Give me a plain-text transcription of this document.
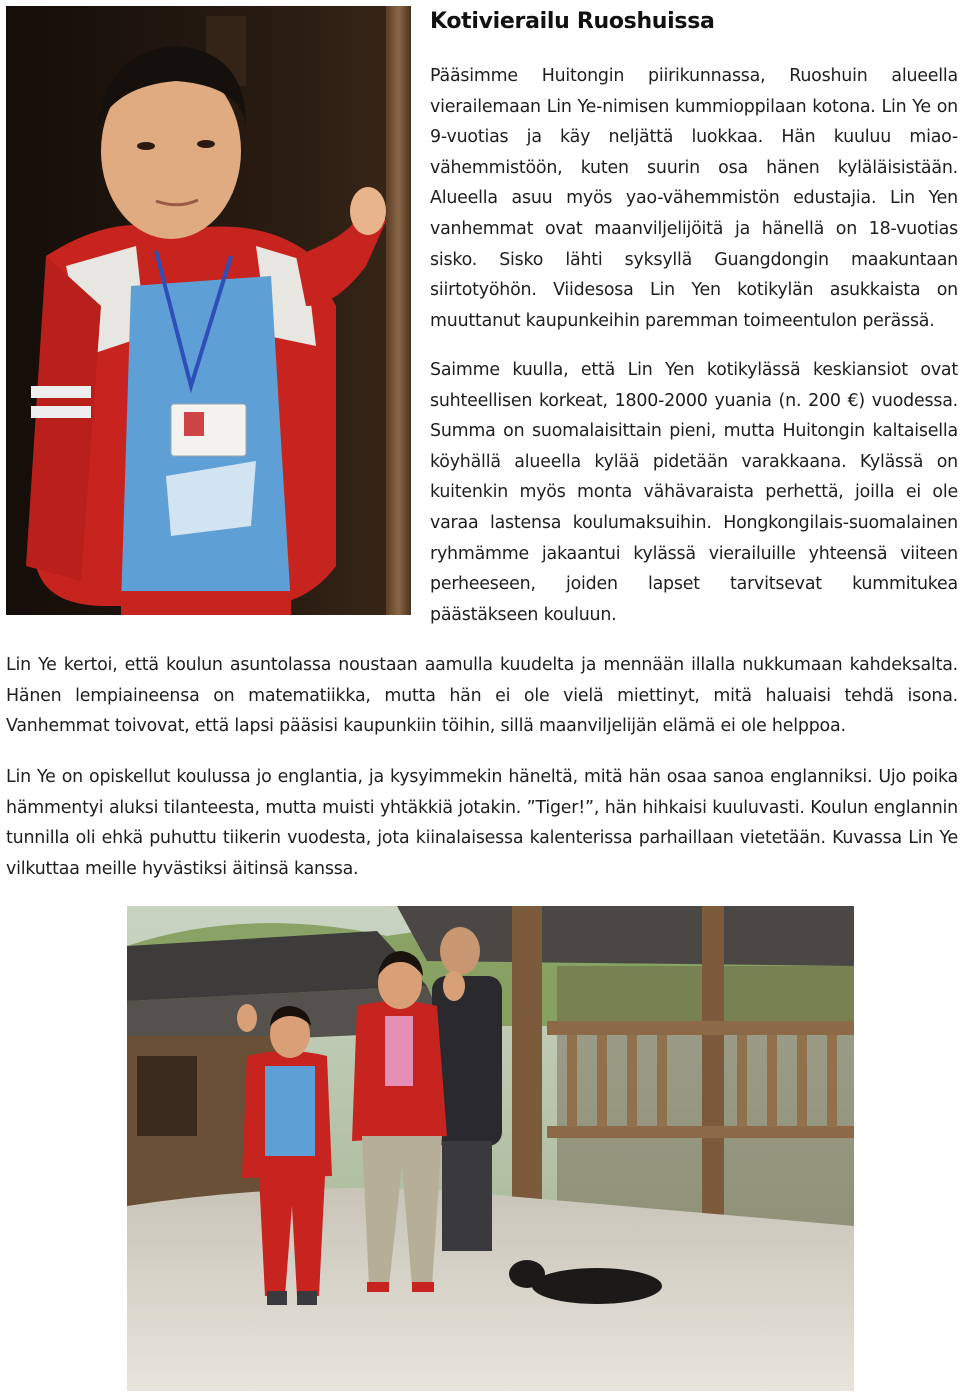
Kotivierailu Ruoshuissa

Pääsimme Huitongin piirikunnassa, Ruoshuin alueella vierailemaan Lin Ye-nimisen kummioppilaan kotona. Lin Ye on 9-vuotias ja käy neljättä luokkaa. Hän kuuluu miao-vähemmistöön, kuten suurin osa hänen kyläläisistään. Alueella asuu myös yao-vähemmistön edustajia. Lin Yen vanhemmat ovat maanviljelijöitä ja hänellä on 18-vuotias sisko. Sisko lähti syksyllä Guangdongin maakuntaan siirtotyöhön. Viidesosa Lin Yen kotikylän asukkaista on muuttanut kaupunkeihin paremman toimeentulon perässä.

Saimme kuulla, että Lin Yen kotikylässä keskiansiot ovat suhteellisen korkeat, 1800-2000 yuania (n. 200 €) vuodessa. Summa on suomalaisittain pieni, mutta Huitongin kaltaisella köyhällä alueella kylää pidetään varakkaana. Kylässä on kuitenkin myös monta vähävaraista perhettä, joilla ei ole varaa lastensa koulumaksuihin. Hongkongilais-suomalainen ryhmämme jakaantui kylässä vierailuille yhteensä viiteen perheeseen, joiden lapset tarvitsevat kummitukea päästäkseen kouluun.

Lin Ye kertoi, että koulun asuntolassa noustaan aamulla kuudelta ja mennään illalla nukkumaan kahdeksalta. Hänen lempiaineensa on matematiikka, mutta hän ei ole vielä miettinyt, mitä haluaisi tehdä isona. Vanhemmat toivovat, että lapsi pääsisi kaupunkiin töihin, sillä maanviljelijän elämä ei ole helppoa.

Lin Ye on opiskellut koulussa jo englantia, ja kysyimmekin häneltä, mitä hän osaa sanoa englanniksi. Ujo poika hämmentyi aluksi tilanteesta, mutta muisti yhtäkkiä jotakin. ”Tiger!”, hän hihkaisi kuuluvasti. Koulun englannin tunnilla oli ehkä puhuttu tiikerin vuodesta, jota kiinalaisessa kalenterissa parhaillaan vietetään. Kuvassa Lin Ye vilkuttaa meille hyvästiksi äitinsä kanssa.
